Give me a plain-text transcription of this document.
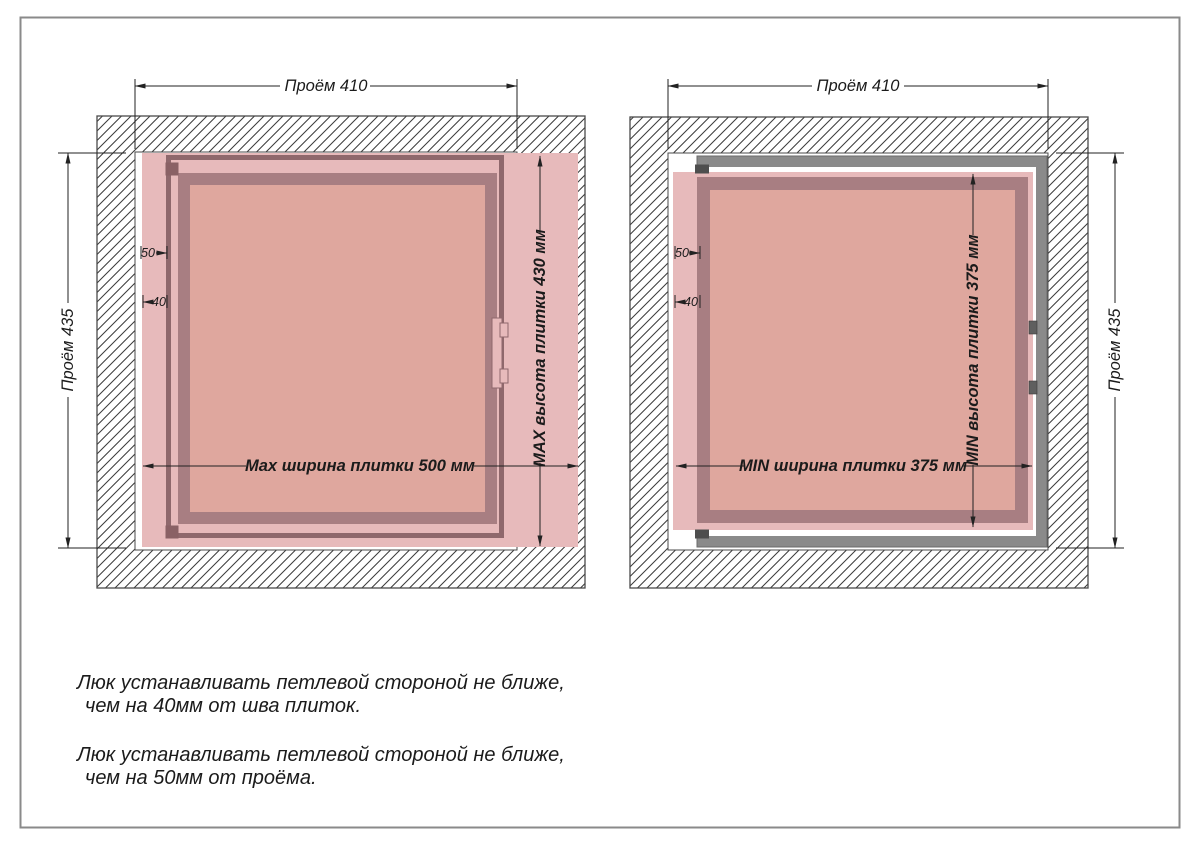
Проём 410
Проём 435
Max ширина плитки 500 мм	MAX высота плитки 430 мм
50
40
Проём 410
Проём 435
MIN ширина плитки 375 мм
MIN высота плитки 375 мм
50
40
Люк устанавливать петлевой стороной не ближе,
чем на 40мм от шва плиток.
Люк устанавливать петлевой стороной не ближе,
чем на 50мм от проёма.
